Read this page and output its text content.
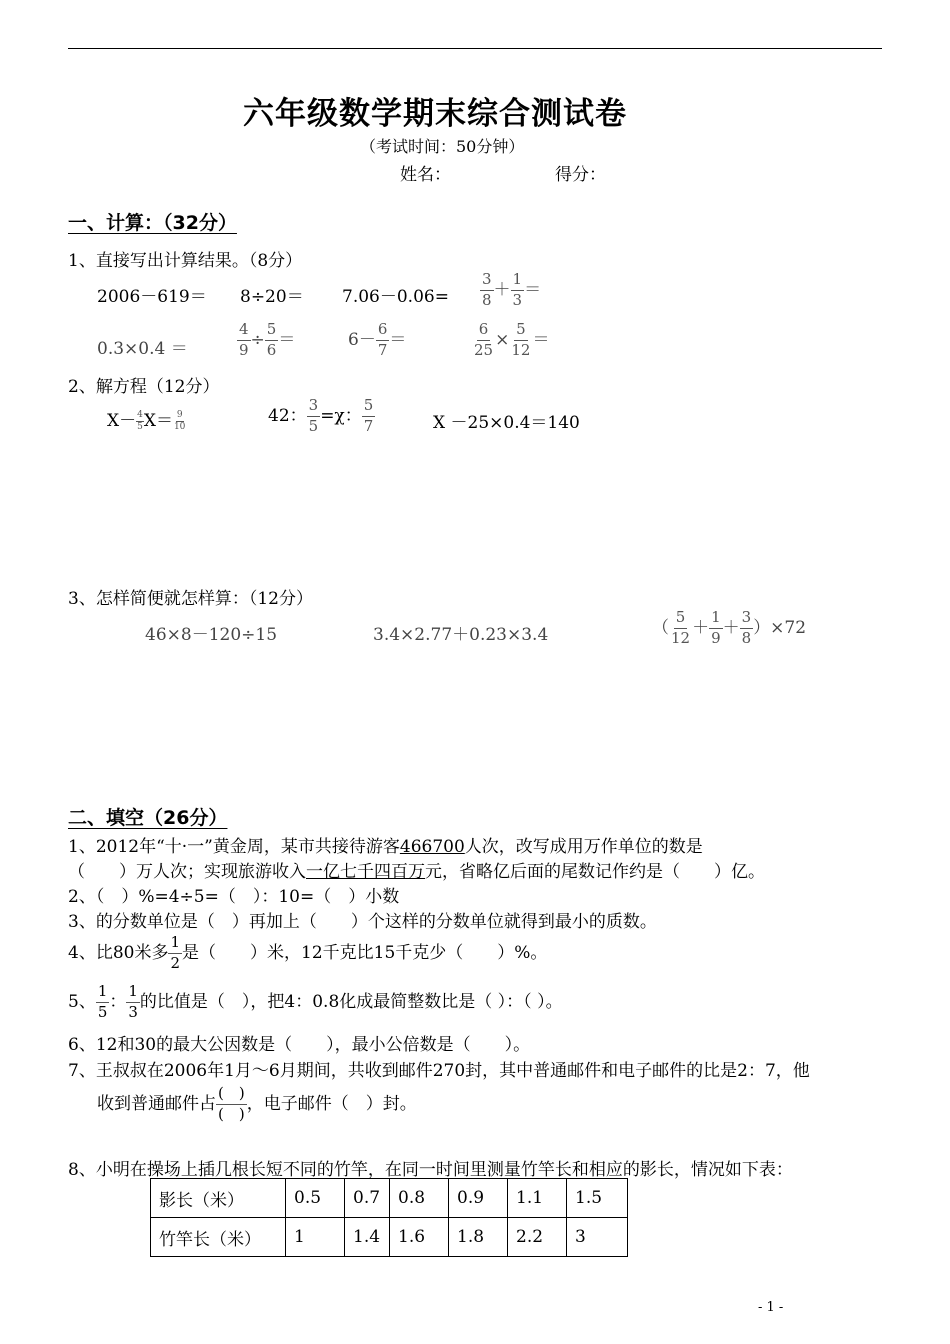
六年级数学期末综合测试卷
（考试时间：50分钟）
姓名：	得分：
一、计算：（32分）
1、直接写出计算结果。（8分）
$2006-619= 8\div 20= 7.06-0.06= \frac{3}{8} + \frac{1}{3}$ ＝
0.3×0.4 ＝	$\frac{4}{9} \div \frac{5}{6}$ ＝	$6- \frac{6}{7}$ ＝	$\frac{6}{25} \times \frac{5}{12}$ ＝
2、解方程（12分）
$X- \frac{4}{5} X= \frac{9}{10}$	42： $\frac{3}{5} =\chi$： $\frac{5}{7}$	X －25×0.4＝140
3、怎样简便就怎样算：（12分）
46×8－120÷15	3.4×2.77＋0.23×3.4	（ $\frac{5}{12} + \frac{1}{9} + \frac{3}{8} )\times 72$
二、填空（26分）
1、2012年“十·一”黄金周，某市共接待游客466700人次，改写成用万作单位的数是
（　　）万人次；实现旅游收入一亿七千四百万元，省略亿后面的尾数记作约是（　　）亿。
2、（　）%=4÷5=（　）：10=（　）小数
3、的分数单位是（　）再加上（　　）个这样的分数单位就得到最小的质数。
4、比80米多 $\frac{1}{2}$ 是（　　）米，12千克比15千克少（　　）%。
5、 $\frac{1}{5}$ ： $\frac{1}{3}$ 的比值是（　），把4：0.8化成最简整数比是（ ）：（ ）。
6、12和30的最大公因数是（　　），最小公倍数是（　　）。
7、王叔叔在2006年1月～6月期间，共收到邮件270封，其中普通邮件和电子邮件的比是2：7，他
收到普通邮件占 $\frac{( )}{( )}$ ，电子邮件（　）封。
8、小明在操场上插几根长短不同的竹竿，在同一时间里测量竹竿长和相应的影长，情况如下表：
影长（米）	0.5	0.7	0.8	0.9	1.1	1.5
竹竿长（米）	1	1.4	1.6	1.8	2.2	3
- 1 -
